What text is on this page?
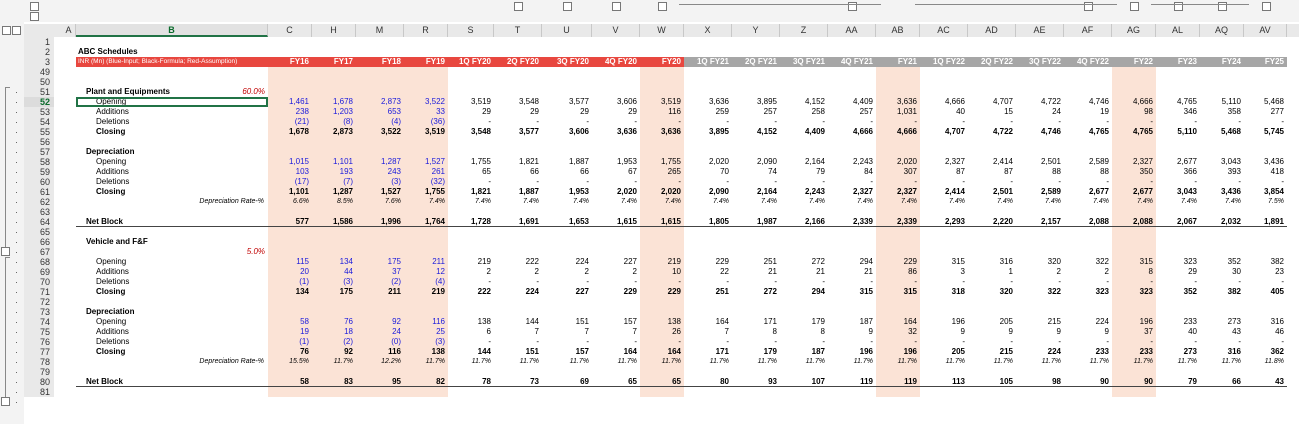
A	B	C	H	M	R	S	T	U	V	W	X	Y	Z	AA	AB	AC	AD	AE	AF	AG	AL	AQ	AV
1
2	ABC Schedules
3	INR (Mn) (Blue-Input; Black-Formula; Red-Assumption)	FY16	FY17	FY18	FY19	1Q FY20	2Q FY20	3Q FY20	4Q FY20	FY20	1Q FY21	2Q FY21	3Q FY21	4Q FY21	FY21	1Q FY22	2Q FY22	3Q FY22	4Q FY22	FY22	FY23	FY24	FY25
49
50
51	Plant and Equipments	60.0%
52	Opening	1,461	1,678	2,873	3,522	3,519	3,548	3,577	3,606	3,519	3,636	3,895	4,152	4,409	3,636	4,666	4,707	4,722	4,746	4,666	4,765	5,110	5,468
53	Additions	238	1,203	653	33	29	29	29	29	116	259	257	258	257	1,031	40	15	24	19	98	346	358	277
54	Deletions	(21)	(8)	(4)	(36)	-	-	-	-	-	-	-	-	-	-	-	-	-	-	-	-	-	-
55	Closing	1,678	2,873	3,522	3,519	3,548	3,577	3,606	3,636	3,636	3,895	4,152	4,409	4,666	4,666	4,707	4,722	4,746	4,765	4,765	5,110	5,468	5,745
56
57	Depreciation
58	Opening	1,015	1,101	1,287	1,527	1,755	1,821	1,887	1,953	1,755	2,020	2,090	2,164	2,243	2,020	2,327	2,414	2,501	2,589	2,327	2,677	3,043	3,436
59	Additions	103	193	243	261	65	66	66	67	265	70	74	79	84	307	87	87	88	88	350	366	393	418
60	Deletions	(17)	(7)	(3)	(32)	-	-	-	-	-	-	-	-	-	-	-	-	-	-	-	-	-	-
61	Closing	1,101	1,287	1,527	1,755	1,821	1,887	1,953	2,020	2,020	2,090	2,164	2,243	2,327	2,327	2,414	2,501	2,589	2,677	2,677	3,043	3,436	3,854
62	Depreciation Rate-%	6.6%	8.5%	7.6%	7.4%	7.4%	7.4%	7.4%	7.4%	7.4%	7.4%	7.4%	7.4%	7.4%	7.4%	7.4%	7.4%	7.4%	7.4%	7.4%	7.4%	7.4%	7.5%
63
64	Net Block	577	1,586	1,996	1,764	1,728	1,691	1,653	1,615	1,615	1,805	1,987	2,166	2,339	2,339	2,293	2,220	2,157	2,088	2,088	2,067	2,032	1,891
65
66	Vehicle and F&F
67	5.0%
68	Opening	115	134	175	211	219	222	224	227	219	229	251	272	294	229	315	316	320	322	315	323	352	382
69	Additions	20	44	37	12	2	2	2	2	10	22	21	21	21	86	3	1	2	2	8	29	30	23
70	Deletions	(1)	(3)	(2)	(4)	-	-	-	-	-	-	-	-	-	-	-	-	-	-	-	-	-	-
71	Closing	134	175	211	219	222	224	227	229	229	251	272	294	315	315	318	320	322	323	323	352	382	405
72
73	Depreciation
74	Opening	58	76	92	116	138	144	151	157	138	164	171	179	187	164	196	205	215	224	196	233	273	316
75	Additions	19	18	24	25	6	7	7	7	26	7	8	8	9	32	9	9	9	9	37	40	43	46
76	Deletions	(1)	(2)	(0)	(3)	-	-	-	-	-	-	-	-	-	-	-	-	-	-	-	-	-	-
77	Closing	76	92	116	138	144	151	157	164	164	171	179	187	196	196	205	215	224	233	233	273	316	362
78	Depreciation Rate-%	15.5%	11.7%	12.2%	11.7%	11.7%	11.7%	11.7%	11.7%	11.7%	11.7%	11.7%	11.7%	11.7%	11.7%	11.7%	11.7%	11.7%	11.7%	11.7%	11.7%	11.7%	11.8%
79
80	Net Block	58	83	95	82	78	73	69	65	65	80	93	107	119	119	113	105	98	90	90	79	66	43
81
